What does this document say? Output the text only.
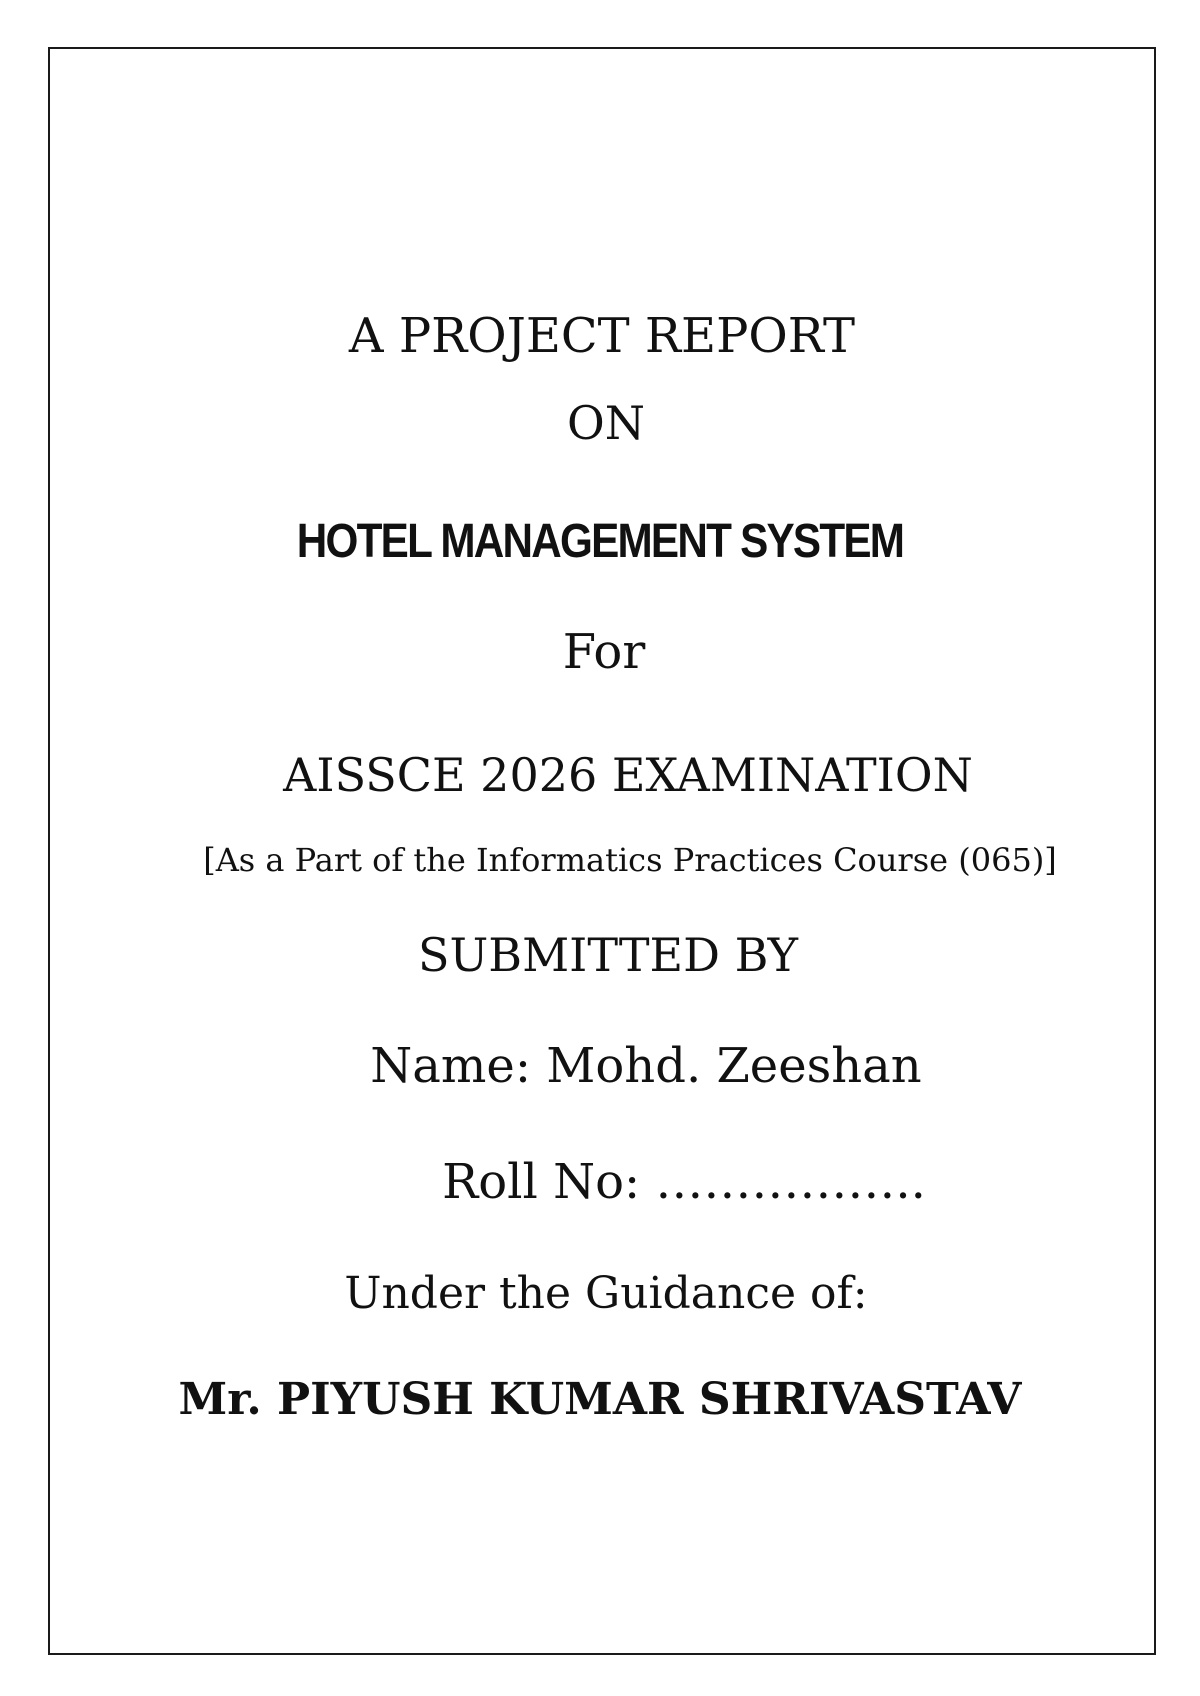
A PROJECT REPORT
ON
HOTEL MANAGEMENT SYSTEM
For
AISSCE 2026 EXAMINATION
[As a Part of the Informatics Practices Course (065)]
SUBMITTED BY
Name: Mohd. Zeeshan
Roll No: ……………..
Under the Guidance of:
Mr. PIYUSH KUMAR SHRIVASTAV
